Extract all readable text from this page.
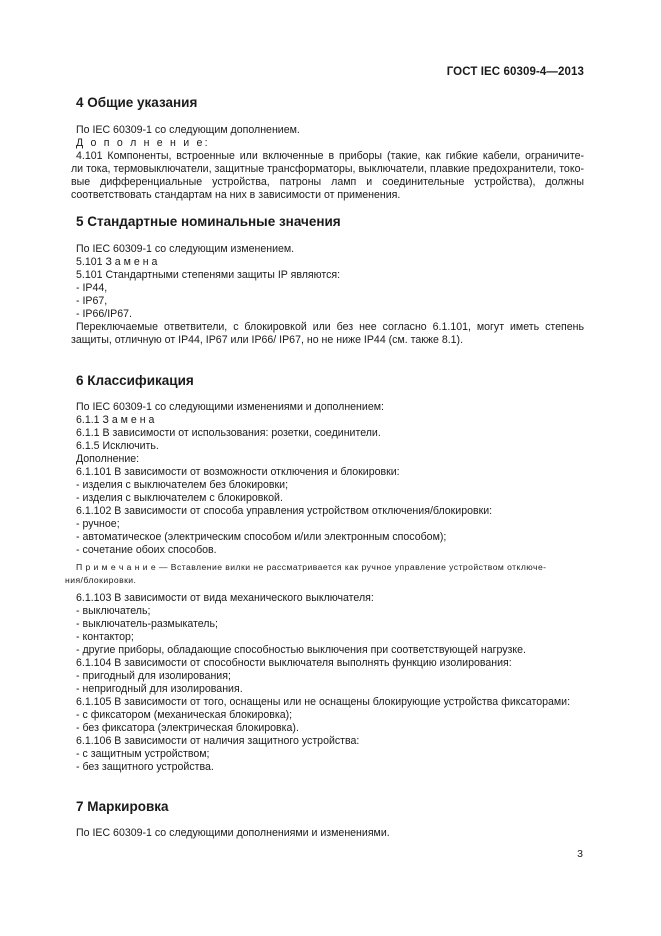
ГОСТ IEC 60309-4—2013
4 Общие указания
По IEC 60309-1 со следующим дополнением.
Д о п о л н е н и е:
4.101 Компоненты, встроенные или включенные в приборы (такие, как гибкие кабели, ограничите-
ли тока, термовыключатели, защитные трансформаторы, выключатели, плавкие предохранители, токо-
вые дифференциальные устройства, патроны ламп и соединительные устройства), должны
соответствовать стандартам на них в зависимости от применения.
5 Стандартные номинальные значения
По IEC 60309-1 со следующим изменением.
5.101 З а м е н а
5.101 Стандартными степенями защиты IP являются:
- IP44,
- IP67,
- IP66/IP67.
Переключаемые ответвители, с блокировкой или без нее согласно 6.1.101, могут иметь степень
защиты, отличную от IP44, IP67 или IP66/ IP67, но не ниже IP44 (см. также 8.1).
6 Классификация
По IEC 60309-1 со следующими изменениями и дополнением:
6.1.1 З а м е н а
6.1.1 В зависимости от использования: розетки, соединители.
6.1.5 Исключить.
Дополнение:
6.1.101 В зависимости от возможности отключения и блокировки:
- изделия с выключателем без блокировки;
- изделия с выключателем с блокировкой.
6.1.102 В зависимости от способа управления устройством отключения/блокировки:
- ручное;
- автоматическое (электрическим способом и/или электронным способом);
- сочетание обоих способов.
П р и м е ч а н и е — Вставление вилки не рассматривается как ручное управление устройством отключе-
ния/блокировки.
6.1.103 В зависимости от вида механического выключателя:
- выключатель;
- выключатель-размыкатель;
- контактор;
- другие приборы, обладающие способностью выключения при соответствующей нагрузке.
6.1.104 В зависимости от способности выключателя выполнять функцию изолирования:
- пригодный для изолирования;
- непригодный для изолирования.
6.1.105 В зависимости от того, оснащены или не оснащены блокирующие устройства фиксаторами:
- с фиксатором (механическая блокировка);
- без фиксатора (электрическая блокировка).
6.1.106 В зависимости от наличия защитного устройства:
- с защитным устройством;
- без защитного устройства.
7 Маркировка
По IEC 60309-1 со следующими дополнениями и изменениями.
3
